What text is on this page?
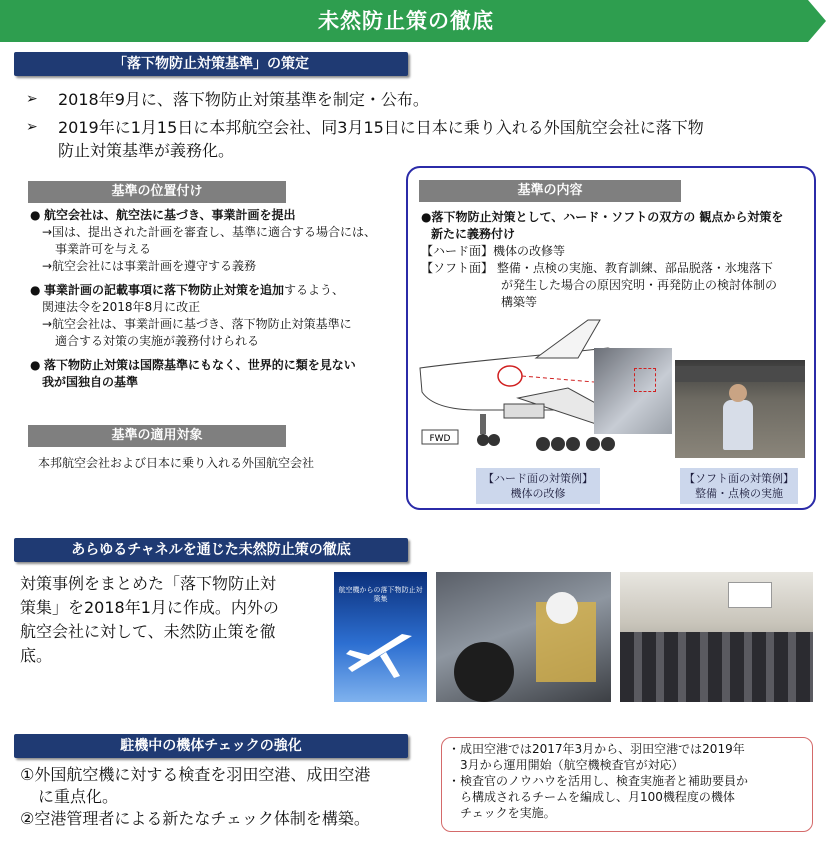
未然防止策の徹底
「落下物防止対策基準」の策定
➢ 2018年9月に、落下物防止対策基準を制定・公布。
➢ 2019年に1月15日に本邦航空会社、同3月15日に日本に乗り入れる外国航空会社に落下物
防止対策基準が義務化。
基準の位置付け
● 航空会社は、航空法に基づき、事業計画を提出
→国は、提出された計画を審査し、基準に適合する場合には、
事業許可を与える
→航空会社には事業計画を遵守する義務
● 事業計画の記載事項に落下物防止対策を追加するよう、
関連法令を2018年8月に改正
→航空会社は、事業計画に基づき、落下物防止対策基準に
適合する対策の実施が義務付けられる
● 落下物防止対策は国際基準にもなく、世界的に類を見ない
我が国独自の基準
基準の適用対象
本邦航空会社および日本に乗り入れる外国航空会社
基準の内容
●落下物防止対策として、ハード・ソフトの双方の 観点から対策を
新たに義務付け
【ハード面】機体の改修等
【ソフト面】 整備・点検の実施、教育訓練、部品脱落・氷塊落下
が発生した場合の原因究明・再発防止の検討体制の
構築等
FWD
【ハード面の対策例】
機体の改修
【ソフト面の対策例】
整備・点検の実施
あらゆるチャネルを通じた未然防止策の徹底
対策事例をまとめた「落下物防止対
策集」を2018年1月に作成。内外の
航空会社に対して、未然防止策を徹
底。
航空機からの落下物防止対策集
駐機中の機体チェックの強化
①外国航空機に対する検査を羽田空港、成田空港
に重点化。
②空港管理者による新たなチェック体制を構築。
・成田空港では2017年3月から、羽田空港では2019年
3月から運用開始（航空機検査官が対応）
・検査官のノウハウを活用し、検査実施者と補助要員か
ら構成されるチームを編成し、月100機程度の機体
チェックを実施。
